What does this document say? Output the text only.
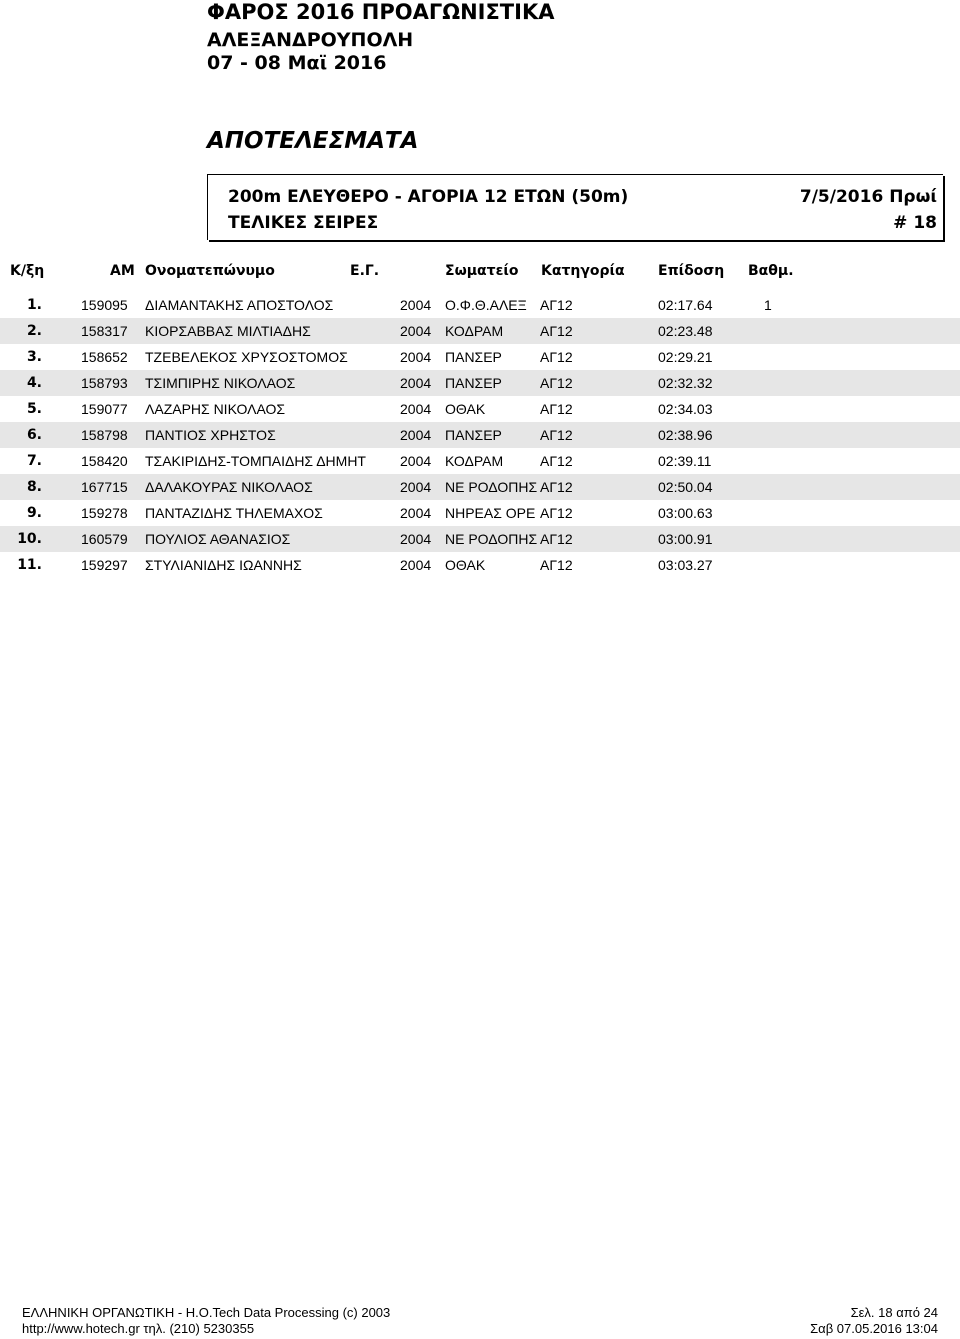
ΦΑΡΟΣ 2016 ΠΡΟΑΓΩΝΙΣΤΙΚΑ
ΑΛΕΞΑΝΔΡΟΥΠΟΛΗ
07 - 08 Μαϊ 2016
ΑΠΟΤΕΛΕΣΜΑΤΑ
200m ΕΛΕΥΘΕΡΟ - ΑΓΟΡΙΑ 12 ΕΤΩΝ (50m)	7/5/2016 Πρωί
ΤΕΛΙΚΕΣ ΣΕΙΡΕΣ	# 18
Κ/ξη	ΑΜ Ονοματεπώνυμο	Ε.Γ.	Σωματείο Κατηγορία Επίδοση Βαθμ.
1.	159095 ΔΙΑΜΑΝΤΑΚΗΣ ΑΠΟΣΤΟΛΟΣ	2004 Ο.Φ.Θ.ΑΛΕΞ ΑΓ12	02:17.64	1
2.	158317 ΚΙΟΡΣΑΒΒΑΣ ΜΙΛΤΙΑΔΗΣ	2004 ΚΟΔΡΑΜ	ΑΓ12	02:23.48
3.	158652 ΤΖΕΒΕΛΕΚΟΣ ΧΡΥΣΟΣΤΟΜΟΣ	2004 ΠΑΝΣΕΡ	ΑΓ12	02:29.21
4.	158793 ΤΣΙΜΠΙΡΗΣ ΝΙΚΟΛΑΟΣ	2004 ΠΑΝΣΕΡ	ΑΓ12	02:32.32
5.	159077 ΛΑΖΑΡΗΣ ΝΙΚΟΛΑΟΣ	2004 ΟΘΑΚ	ΑΓ12	02:34.03
6.	158798 ΠΑΝΤΙΟΣ ΧΡΗΣΤΟΣ	2004 ΠΑΝΣΕΡ	ΑΓ12	02:38.96
7.	158420 ΤΣΑΚΙΡΙΔΗΣ-ΤΟΜΠΑΙΔΗΣ ΔΗΜΗΤ	2004 ΚΟΔΡΑΜ	ΑΓ12	02:39.11
8.	167715 ΔΑΛΑΚΟΥΡΑΣ ΝΙΚΟΛΑΟΣ	2004 ΝΕ ΡΟΔΟΠΗΣ ΑΓ12	02:50.04
9.	159278 ΠΑΝΤΑΖΙΔΗΣ ΤΗΛΕΜΑΧΟΣ	2004 ΝΗΡΕΑΣ ΟΡΕ ΑΓ12	03:00.63
10.	160579 ΠΟΥΛΙΟΣ ΑΘΑΝΑΣΙΟΣ	2004 ΝΕ ΡΟΔΟΠΗΣ ΑΓ12	03:00.91
11.	159297 ΣΤΥΛΙΑΝΙΔΗΣ ΙΩΑΝΝΗΣ	2004 ΟΘΑΚ	ΑΓ12	03:03.27
ΕΛΛΗΝΙΚΗ ΟΡΓΑΝΩΤΙΚΗ - Η.Ο.Tech Data Processing (c) 2003
http://www.hotech.gr τηλ. (210) 5230355
Σελ. 18 από 24
Σαβ 07.05.2016 13:04
